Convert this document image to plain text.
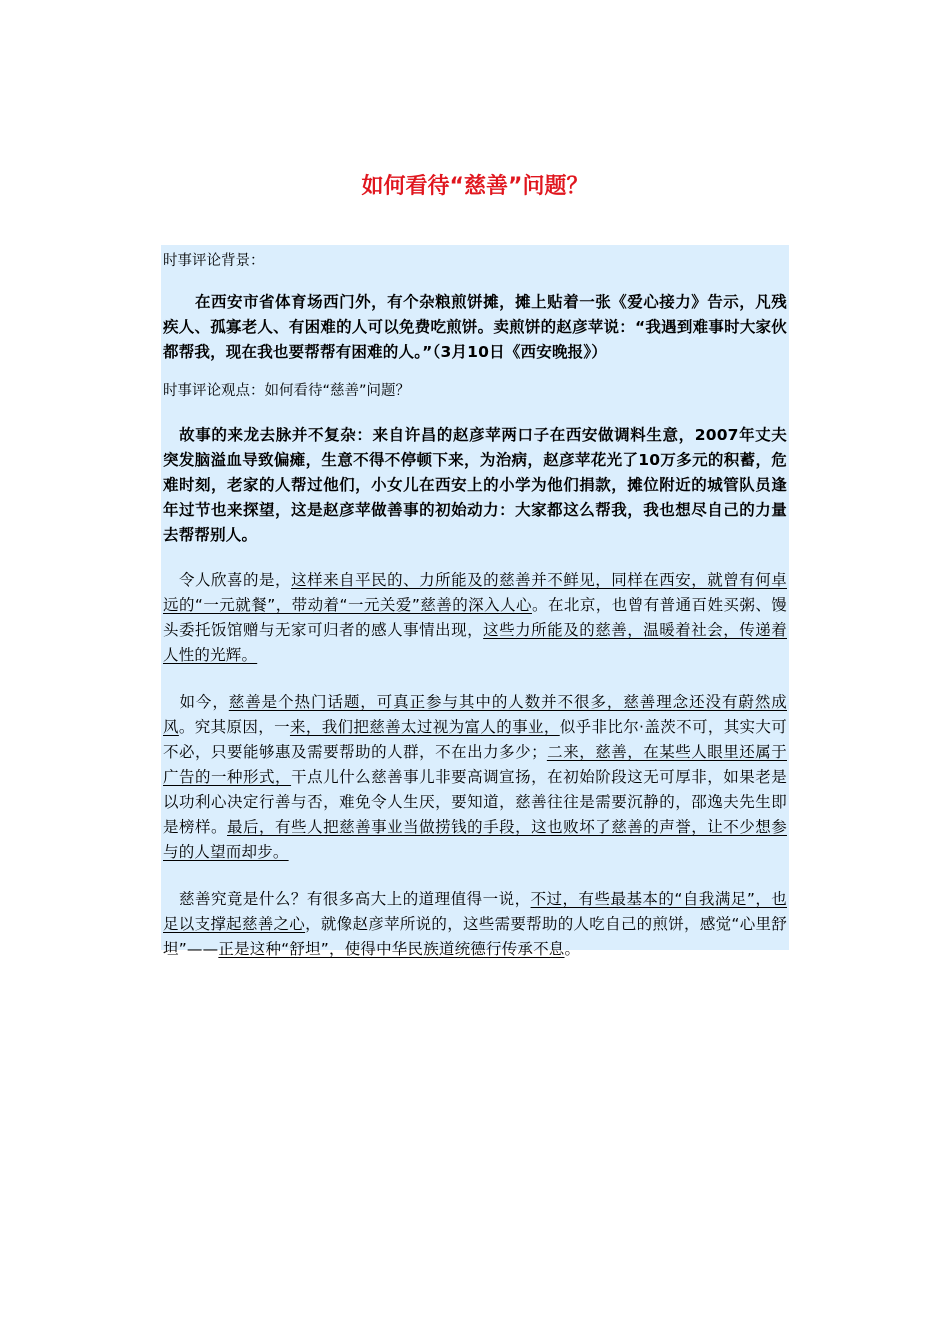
如何看待“慈善”问题？

时事评论背景：

　　在西安市省体育场西门外，有个杂粮煎饼摊，摊上贴着一张《爱心接力》告示，凡残疾人、孤寡老人、有困难的人可以免费吃煎饼。卖煎饼的赵彦苹说：“我遇到难事时大家伙都帮我，现在我也要帮帮有困难的人。”（3月10日《西安晚报》）

时事评论观点：如何看待“慈善”问题？

　故事的来龙去脉并不复杂：来自许昌的赵彦苹两口子在西安做调料生意，2007年丈夫突发脑溢血导致偏瘫，生意不得不停顿下来，为治病，赵彦苹花光了10万多元的积蓄，危难时刻，老家的人帮过他们，小女儿在西安上的小学为他们捐款，摊位附近的城管队员逢年过节也来探望，这是赵彦苹做善事的初始动力：大家都这么帮我，我也想尽自己的力量去帮帮别人。

　令人欣喜的是，这样来自平民的、力所能及的慈善并不鲜见，同样在西安，就曾有何卓远的“一元就餐”，带动着“一元关爱”慈善的深入人心。在北京，也曾有普通百姓买粥、馒头委托饭馆赠与无家可归者的感人事情出现，这些力所能及的慈善，温暖着社会，传递着人性的光辉。

　如今，慈善是个热门话题，可真正参与其中的人数并不很多，慈善理念还没有蔚然成风。究其原因，一来，我们把慈善太过视为富人的事业，似乎非比尔·盖茨不可，其实大可不必，只要能够惠及需要帮助的人群，不在出力多少；二来，慈善，在某些人眼里还属于广告的一种形式，干点儿什么慈善事儿非要高调宣扬，在初始阶段这无可厚非，如果老是以功利心决定行善与否，难免令人生厌，要知道，慈善往往是需要沉静的，邵逸夫先生即是榜样。最后，有些人把慈善事业当做捞钱的手段，这也败坏了慈善的声誉，让不少想参与的人望而却步。

　慈善究竟是什么？有很多高大上的道理值得一说，不过，有些最基本的“自我满足”，也足以支撑起慈善之心，就像赵彦苹所说的，这些需要帮助的人吃自己的煎饼，感觉“心里舒坦”——正是这种“舒坦”，使得中华民族道统德行传承不息。
